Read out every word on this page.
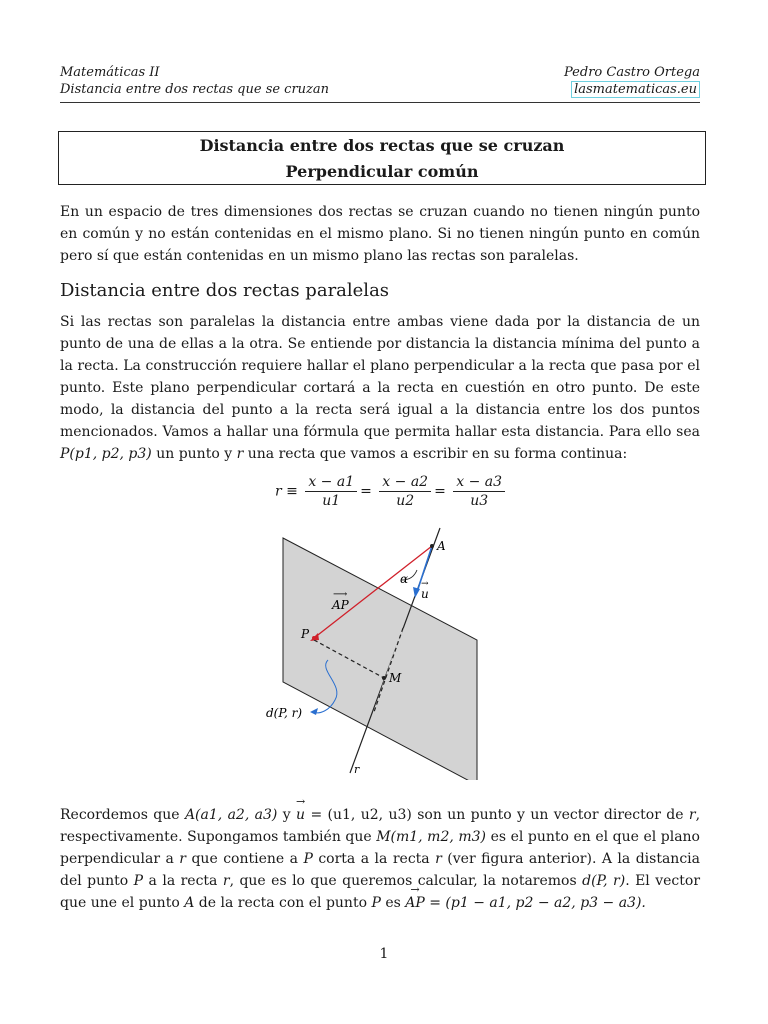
Matemáticas II
Distancia entre dos rectas que se cruzan
Pedro Castro Ortega
lasmatematicas.eu
Distancia entre dos rectas que se cruzan
Perpendicular común
En un espacio de tres dimensiones dos rectas se cruzan cuando no tienen ningún punto en común y no están contenidas en el mismo plano. Si no tienen ningún punto en común pero sí que están contenidas en un mismo plano las rectas son paralelas.
Distancia entre dos rectas paralelas
Si las rectas son paralelas la distancia entre ambas viene dada por la distancia de un punto de una de ellas a la otra. Se entiende por distancia la distancia mínima del punto a la recta. La construcción requiere hallar el plano perpendicular a la recta que pasa por el punto. Este plano perpendicular cortará a la recta en cuestión en otro punto. De este modo, la distancia del punto a la recta será igual a la distancia entre los dos puntos mencionados. Vamos a hallar una fórmula que permita hallar esta distancia. Para ello sea P(p1, p2, p3) un punto y r una recta que vamos a escribir en su forma continua:
$r \equiv \frac{x - a1}{u1} = \frac{x - a2}{u2} = \frac{x - a3}{u3}$
A
α
u
→
AP
⟶
P
M
d(P, r)
r
Recordemos que A(a1, a2, a3) y → u = (u1, u2, u3) son un punto y un vector director de r, respectivamente. Supongamos también que M(m1, m2, m3) es el punto en el que el plano perpendicular a r que contiene a P corta a la recta r (ver figura anterior). A la distancia del punto P a la recta r, que es lo que queremos calcular, la notaremos d(P, r). El vector que une el punto A de la recta con el punto P es → AP = (p1 − a1, p2 − a2, p3 − a3).
1
